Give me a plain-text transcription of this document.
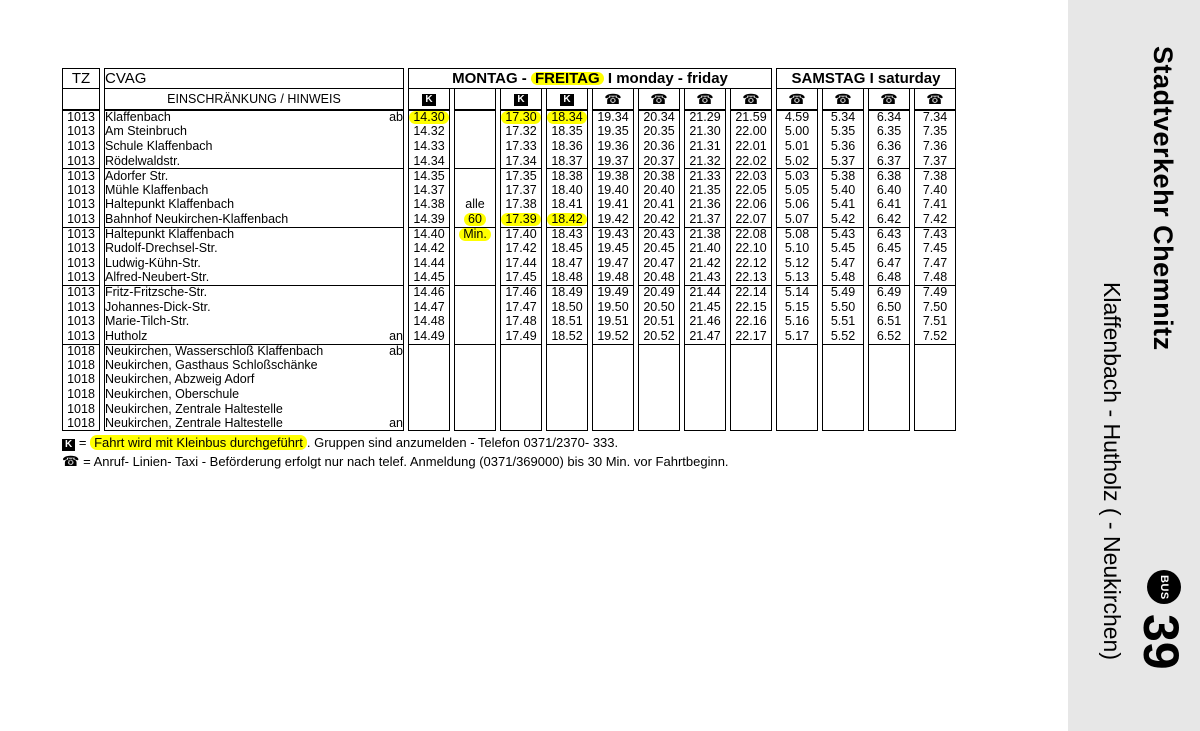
TZ	CVAG	MONTAG - FREITAG I monday - friday								SAMSTAG I saturday			
	EINSCHRÄNKUNG / HINWEIS	K		K	K	☎	☎	☎	☎	☎	☎	☎	☎
1013	Klaffenbach ab	14.30		17.30	18.34	19.34	20.34	21.29	21.59	4.59	5.34	6.34	7.34
1013	Am Steinbruch	14.32		17.32	18.35	19.35	20.35	21.30	22.00	5.00	5.35	6.35	7.35
1013	Schule Klaffenbach	14.33		17.33	18.36	19.36	20.36	21.31	22.01	5.01	5.36	6.36	7.36
1013	Rödelwaldstr.	14.34		17.34	18.37	19.37	20.37	21.32	22.02	5.02	5.37	6.37	7.37
1013	Adorfer Str.	14.35		17.35	18.38	19.38	20.38	21.33	22.03	5.03	5.38	6.38	7.38
1013	Mühle Klaffenbach	14.37		17.37	18.40	19.40	20.40	21.35	22.05	5.05	5.40	6.40	7.40
1013	Haltepunkt Klaffenbach	14.38	alle	17.38	18.41	19.41	20.41	21.36	22.06	5.06	5.41	6.41	7.41
1013	Bahnhof Neukirchen-Klaffenbach	14.39	60	17.39	18.42	19.42	20.42	21.37	22.07	5.07	5.42	6.42	7.42
1013	Haltepunkt Klaffenbach	14.40	Min.	17.40	18.43	19.43	20.43	21.38	22.08	5.08	5.43	6.43	7.43
1013	Rudolf-Drechsel-Str.	14.42		17.42	18.45	19.45	20.45	21.40	22.10	5.10	5.45	6.45	7.45
1013	Ludwig-Kühn-Str.	14.44		17.44	18.47	19.47	20.47	21.42	22.12	5.12	5.47	6.47	7.47
1013	Alfred-Neubert-Str.	14.45		17.45	18.48	19.48	20.48	21.43	22.13	5.13	5.48	6.48	7.48
1013	Fritz-Fritzsche-Str.	14.46		17.46	18.49	19.49	20.49	21.44	22.14	5.14	5.49	6.49	7.49
1013	Johannes-Dick-Str.	14.47		17.47	18.50	19.50	20.50	21.45	22.15	5.15	5.50	6.50	7.50
1013	Marie-Tilch-Str.	14.48		17.48	18.51	19.51	20.51	21.46	22.16	5.16	5.51	6.51	7.51
1013	Hutholz an	14.49		17.49	18.52	19.52	20.52	21.47	22.17	5.17	5.52	6.52	7.52
1018	Neukirchen, Wasserschloß Klaffenbach ab												

1018	Neukirchen, Gasthaus Schloßschänke												
1018	Neukirchen, Abzweig Adorf												
1018	Neukirchen, Oberschule												
1018	Neukirchen, Zentrale Haltestelle												
1018	Neukirchen, Zentrale Haltestelle an												

K = Fahrt wird mit Kleinbus durchgeführt . Gruppen sind anzumelden - Telefon 0371/2370- 333.
☎ = Anruf- Linien- Taxi - Beförderung erfolgt nur nach telef. Anmeldung (0371/369000) bis 30 Min. vor Fahrtbeginn.
Stadtverkehr Chemnitz
Klaffenbach - Hutholz ( - Neukirchen)	BUS
39
